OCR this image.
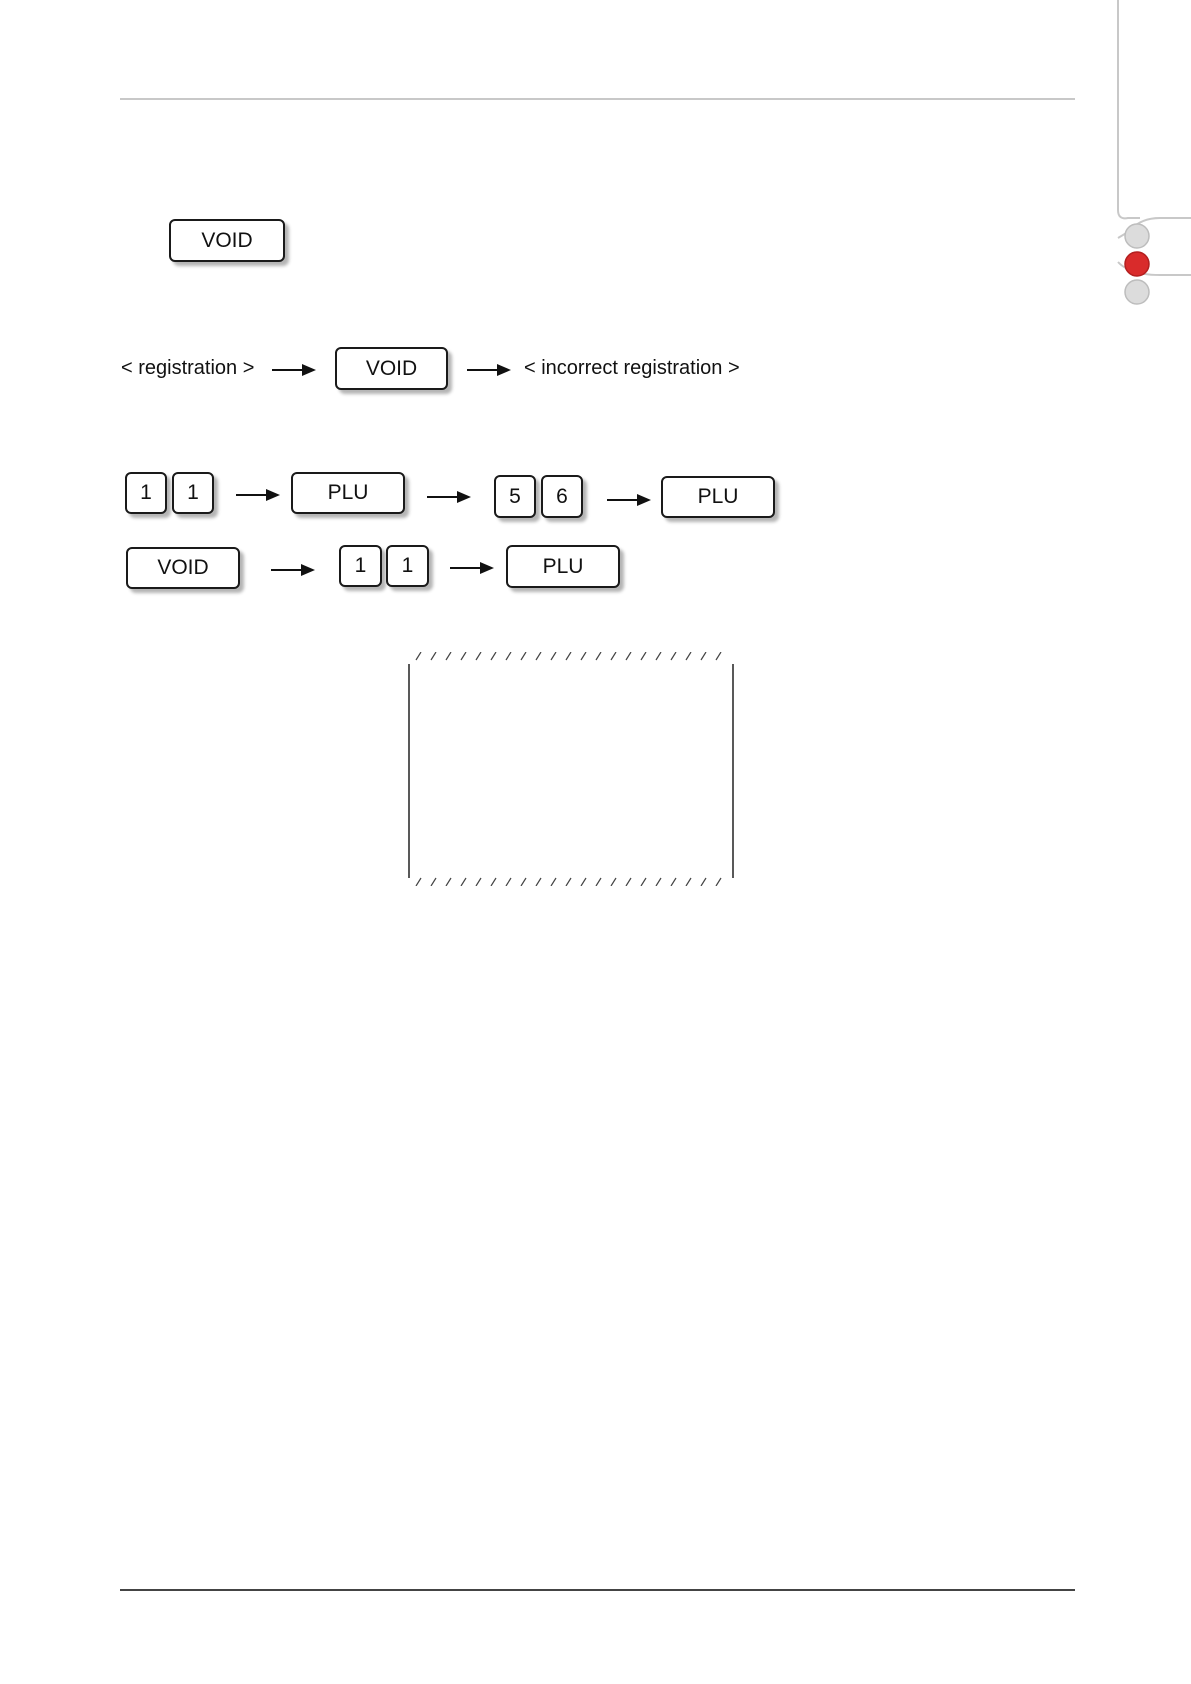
VOID
< registration >	VOID	< incorrect registration >
1	1	PLU	5	6	PLU
VOID	1	1	PLU
